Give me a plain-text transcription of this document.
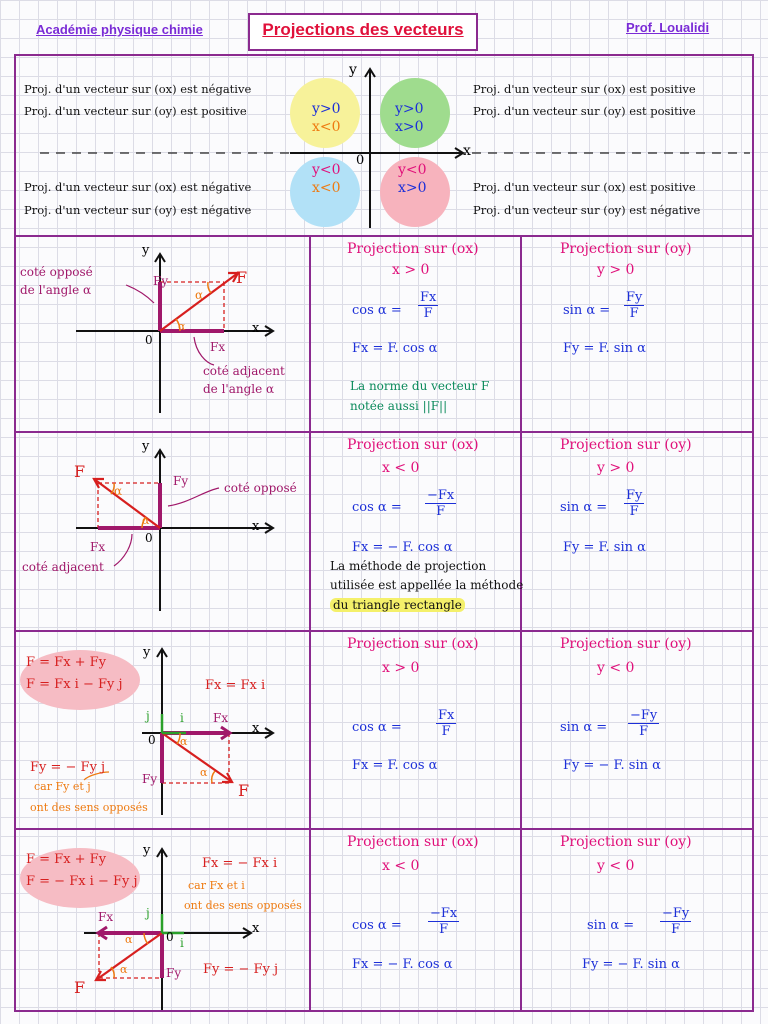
Académie physique chimie	Projections des vecteurs	Prof. Loualidi
y
x
0
y>0
x<0
y>0
x>0
y<0
x<0
y<0
x>0
Proj. d'un vecteur sur (ox) est négative
Proj. d'un vecteur sur (oy) est positive
Proj. d'un vecteur sur (ox) est positive
Proj. d'un vecteur sur (oy) est positive
Proj. d'un vecteur sur (ox) est négative
Proj. d'un vecteur sur (oy) est négative
Proj. d'un vecteur sur (ox) est positive
Proj. d'un vecteur sur (oy) est négative
F
Fy
Fx
y
x
0
α
α
coté opposé
de l'angle α
coté adjacent
de l'angle α
Projection sur (ox)
x > 0
$\cos \alpha = \frac{Fx}{F}$
Fx = F. cos α
La norme du vecteur F
notée aussi ||F||
Projection sur (oy)
y > 0
$\sin \alpha = \frac{Fy}{F}$
Fy = F. sin α
F	Fy
Fx
y
x
0
α
α
coté opposé
coté adjacent
Projection sur (ox)
x < 0
$\cos \alpha = \frac{-Fx}{F}$
Fx = − F. cos α
La méthode de projection
utilisée est appellée la méthode
du triangle rectangle
Projection sur (oy)
y > 0
$\sin \alpha = \frac{Fy}{F}$
Fy = F. sin α
F = Fx + Fy
F = Fx i − Fy j	Fx = Fx i
Fy = − Fy j
car Fy et j
ont des sens opposés
F
Fx
Fy
i
j
y
x
0 α
α
Projection sur (ox)
x > 0
cos α =	$\frac{Fx}{F}$
Fx = F. cos α
Projection sur (oy)
y < 0
$\sin \alpha = \frac{-Fy}{F}$
Fy = − F. sin α
F = Fx + Fy
F = − Fx i − Fy j
Fx = − Fx i
Fy = − Fy j
car Fx et i
ont des sens opposés
F
Fx
Fy
i
j
y
x
0
α
α
Projection sur (ox)
x < 0
$\cos \alpha = \frac{-Fx}{F}$
Fx = − F. cos α
Projection sur (oy)
y < 0
$\sin \alpha = \frac{-Fy}{F}$
Fy = − F. sin α
